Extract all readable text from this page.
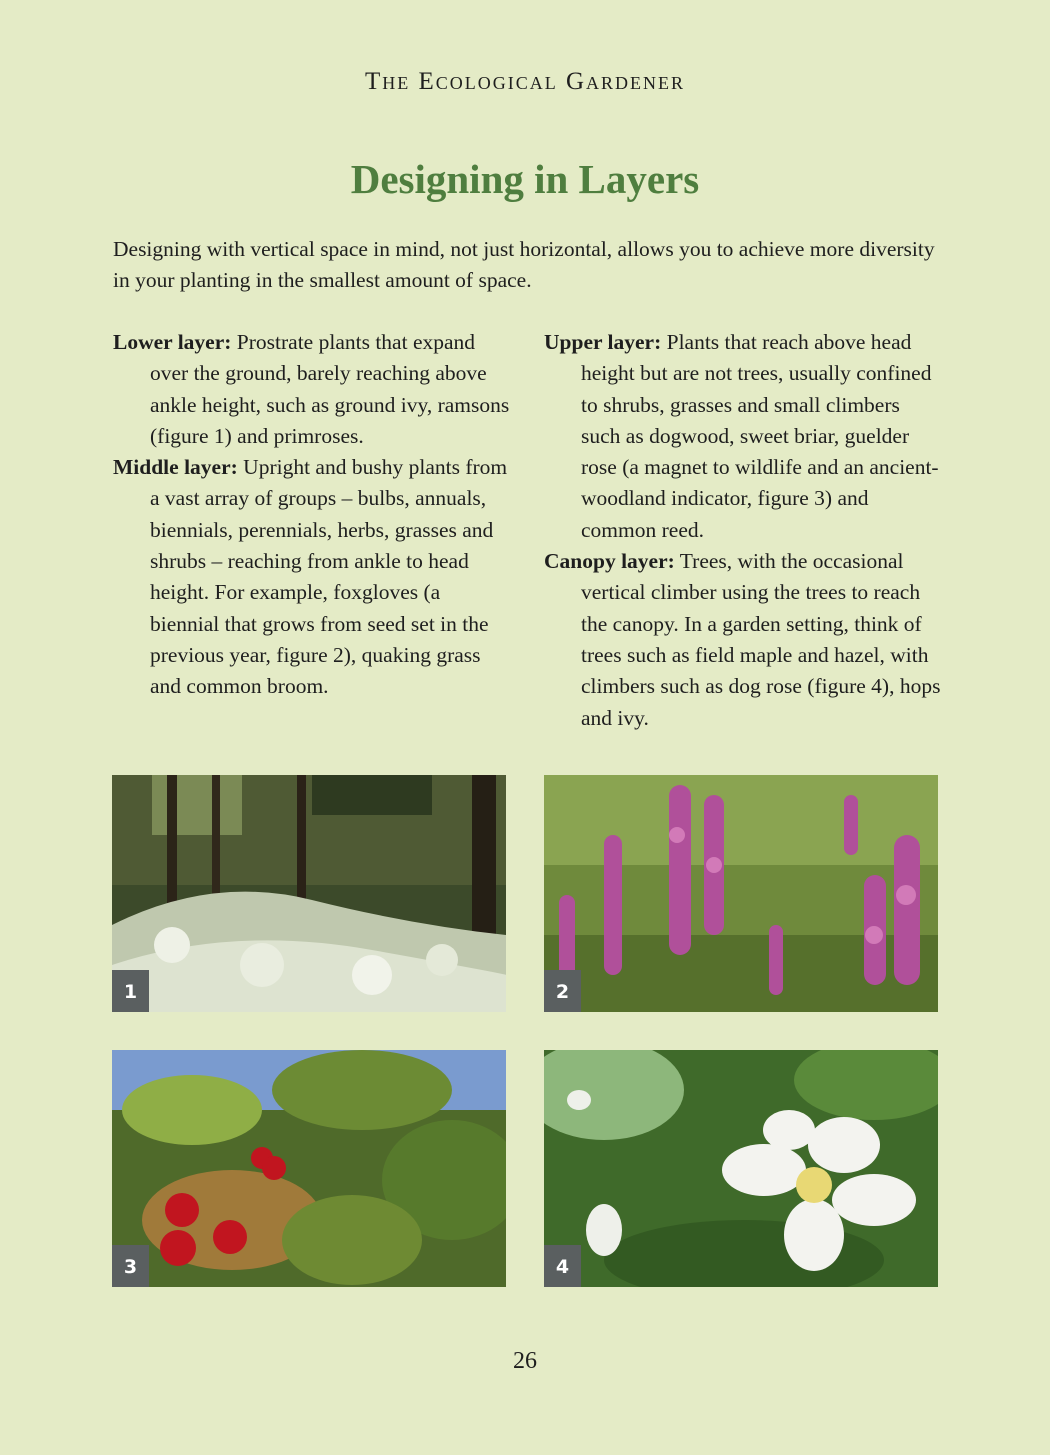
The Ecological Gardener
Designing in Layers

Designing with vertical space in mind, not just horizontal, allows you to achieve more diversity in your planting in the smallest amount of space.

Lower layer: Prostrate plants that expand over the ground, barely reaching above ankle height, such as ground ivy, ramsons (figure 1) and primroses.

Middle layer: Upright and bushy plants from a vast array of groups – bulbs, annuals, biennials, perennials, herbs, grasses and shrubs – reaching from ankle to head height. For example, foxgloves (a biennial that grows from seed set in the previous year, figure 2), quaking grass and common broom.

Upper layer: Plants that reach above head height but are not trees, usually confined to shrubs, grasses and small climbers such as dogwood, sweet briar, guelder rose (a magnet to wildlife and an ancient-woodland indicator, figure 3) and common reed.

Canopy layer: Trees, with the occasional vertical climber using the trees to reach the canopy. In a garden setting, think of trees such as field maple and hazel, with climbers such as dog rose (figure 4), hops and ivy.

1	2
3	4
26
